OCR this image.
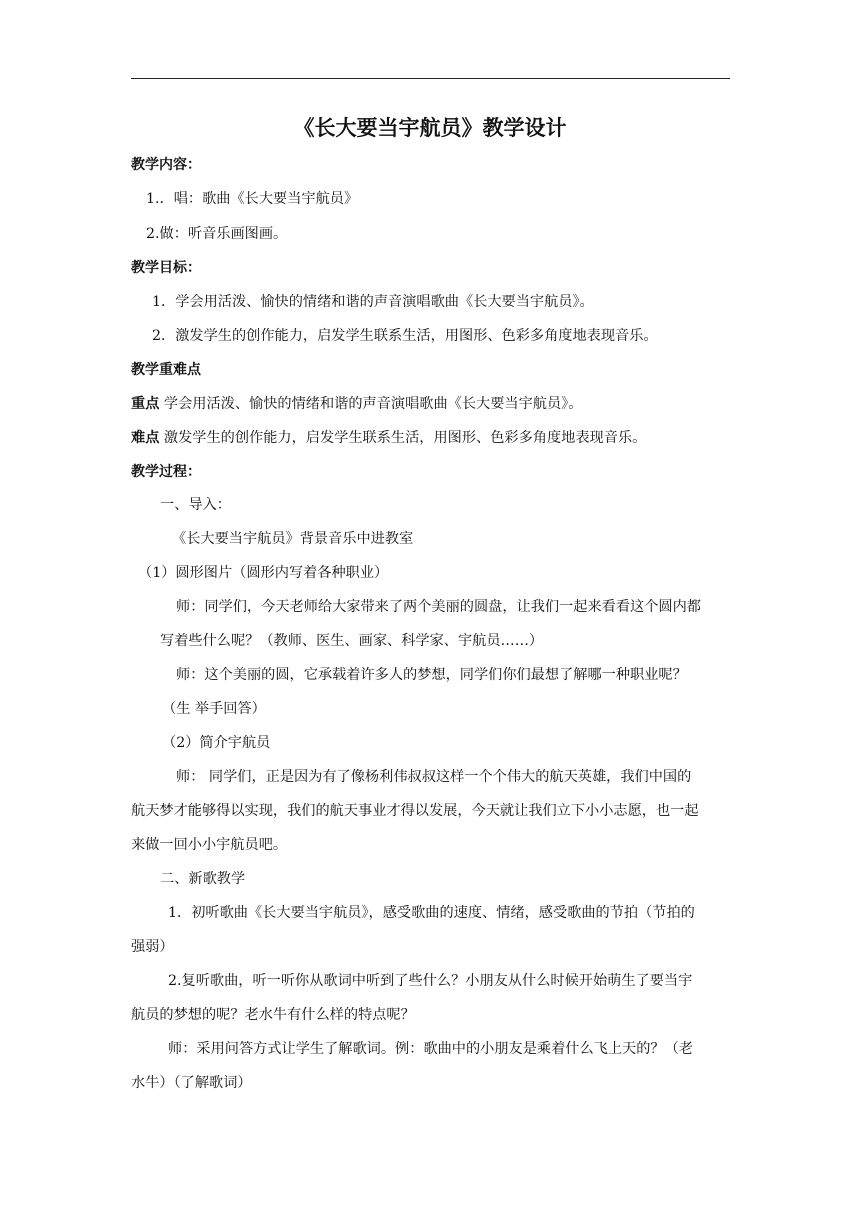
《长大要当宇航员》教学设计
教学内容：
1.．唱：歌曲《长大要当宇航员》
2.做：听音乐画图画。
教学目标：
1．学会用活泼、愉快的情绪和谐的声音演唱歌曲《长大要当宇航员》。
2．激发学生的创作能力，启发学生联系生活，用图形、色彩多角度地表现音乐。
教学重难点
重点 学会用活泼、愉快的情绪和谐的声音演唱歌曲《长大要当宇航员》。
难点 激发学生的创作能力，启发学生联系生活，用图形、色彩多角度地表现音乐。
教学过程：
一、导入：
《长大要当宇航员》背景音乐中进教室
（1）圆形图片（圆形内写着各种职业）
师：同学们，今天老师给大家带来了两个美丽的圆盘，让我们一起来看看这个圆内都
写着些什么呢？（教师、医生、画家、科学家、宇航员……）
师：这个美丽的圆，它承载着许多人的梦想，同学们你们最想了解哪一种职业呢？
（生 举手回答）
（2）简介宇航员
师： 同学们，正是因为有了像杨利伟叔叔这样一个个伟大的航天英雄，我们中国的
航天梦才能够得以实现，我们的航天事业才得以发展，今天就让我们立下小小志愿，也一起
来做一回小小宇航员吧。
二、新歌教学
1．初听歌曲《长大要当宇航员》，感受歌曲的速度、情绪，感受歌曲的节拍（节拍的
强弱）
2.复听歌曲，听一听你从歌词中听到了些什么？小朋友从什么时候开始萌生了要当宇
航员的梦想的呢？老水牛有什么样的特点呢？
师：采用问答方式让学生了解歌词。例：歌曲中的小朋友是乘着什么飞上天的？（老
水牛）（了解歌词）
